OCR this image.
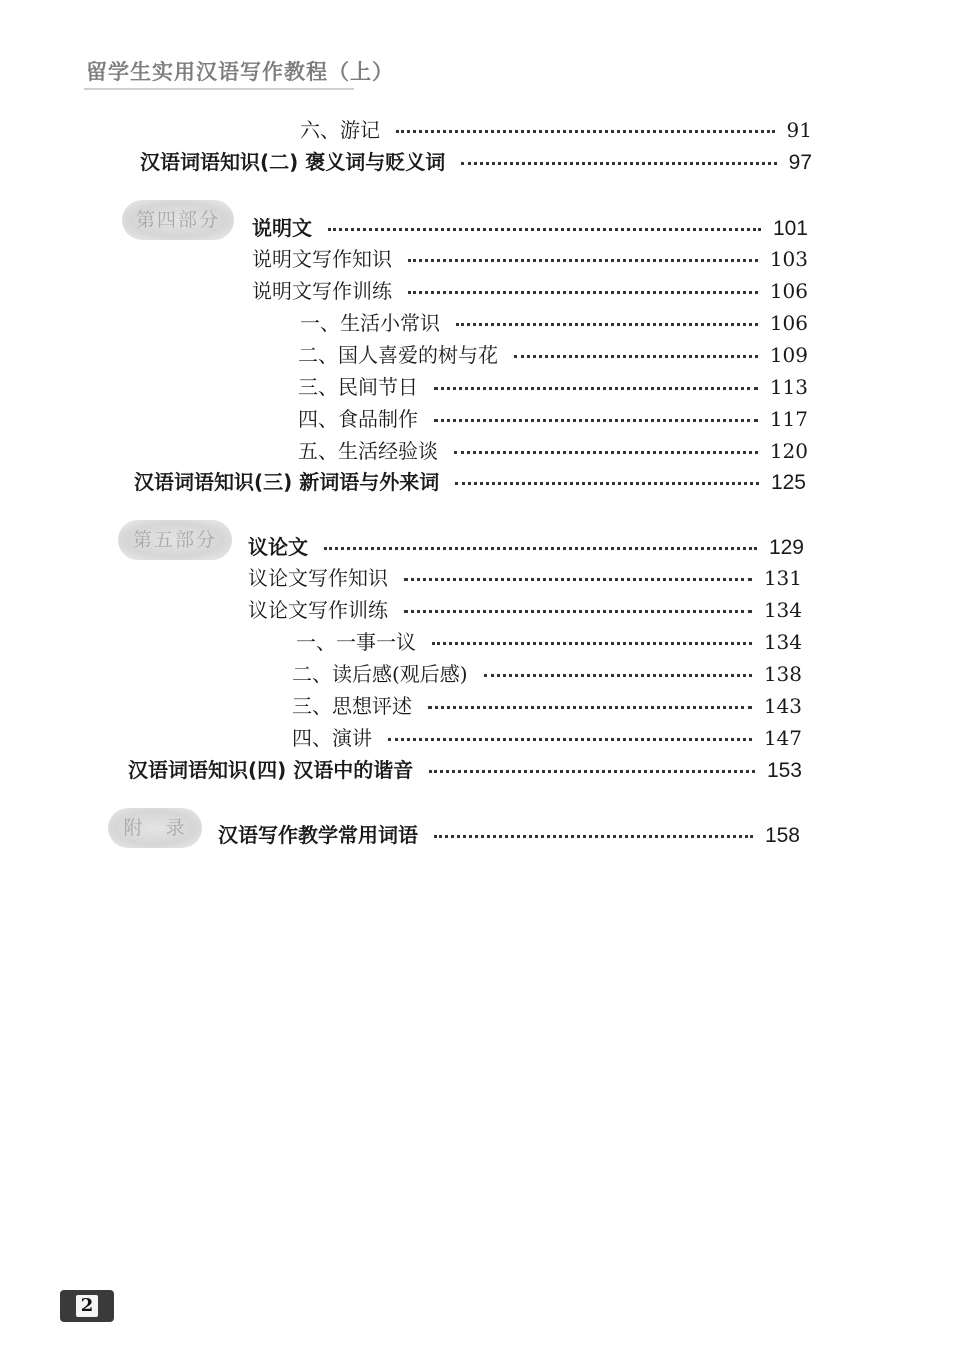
留学生实用汉语写作教程（上）
六、游记	91
汉语词语知识(二) 褒义词与贬义词	97
第四部分	说明文	101
说明文写作知识	103
说明文写作训练	106
一、生活小常识	106
二、国人喜爱的树与花	109
三、民间节日	113
四、食品制作	117
五、生活经验谈	120
汉语词语知识(三) 新词语与外来词	125
第五部分	议论文	129
议论文写作知识	131
议论文写作训练	134
一、一事一议	134
二、读后感(观后感)	138
三、思想评述	143
四、演讲	147
汉语词语知识(四) 汉语中的谐音	153
附　录	汉语写作教学常用词语	158
2
